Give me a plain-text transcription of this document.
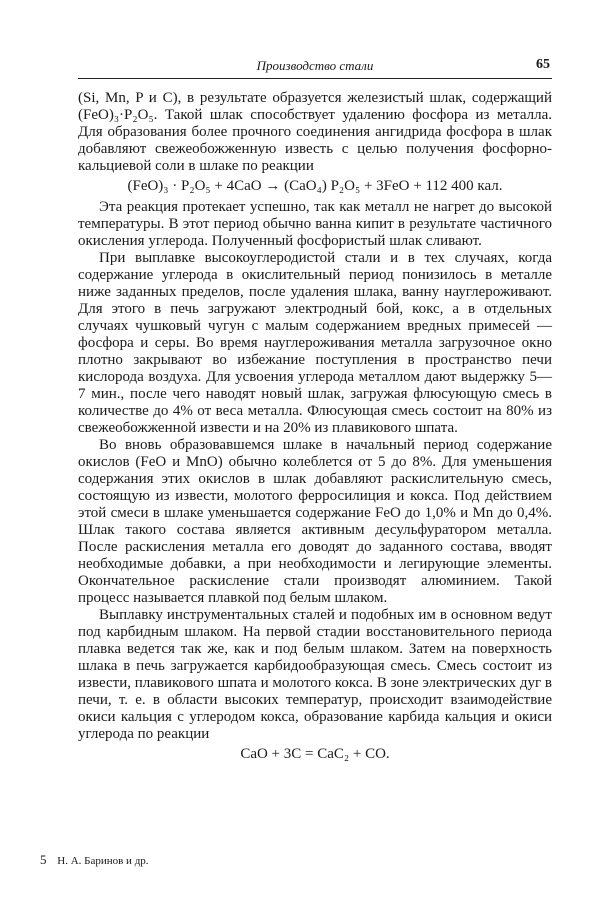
Производство стали	65

(Si, Mn, P и C), в результате образуется железистый шлак, содержащий (FeO)₃·P₂O₅. Такой шлак способствует удалению фосфора из металла. Для образования более прочного соединения ангидрида фосфора в шлак добавляют свежеобожженную известь с целью получения фосфорно-кальциевой соли в шлаке по реакции

(FeO)₃ · P₂O₅ + 4CaO → (CaO₄) P₂O₅ + 3FeO + 112 400 кал.

Эта реакция протекает успешно, так как металл не нагрет до высокой температуры. В этот период обычно ванна кипит в результате частичного окисления углерода. Полученный фосфористый шлак сливают.

При выплавке высокоуглеродистой стали и в тех случаях, когда содержание углерода в окислительный период понизилось в металле ниже заданных пределов, после удаления шлака, ванну науглероживают. Для этого в печь загружают электродный бой, кокс, а в отдельных случаях чушковый чугун с малым содержанием вредных примесей — фосфора и серы. Во время науглероживания металла загрузочное окно плотно закрывают во избежание поступления в пространство печи кислорода воздуха. Для усвоения углерода металлом дают выдержку 5—7 мин., после чего наводят новый шлак, загружая флюсующую смесь в количестве до 4% от веса металла. Флюсующая смесь состоит на 80% из свежеобожженной извести и на 20% из плавикового шпата.

Во вновь образовавшемся шлаке в начальный период содержание окислов (FeO и MnO) обычно колеблется от 5 до 8%. Для уменьшения содержания этих окислов в шлак добавляют раскислительную смесь, состоящую из извести, молотого ферросилиция и кокса. Под действием этой смеси в шлаке уменьшается содержание FeO до 1,0% и Mn до 0,4%. Шлак такого состава является активным десульфуратором металла. После раскисления металла его доводят до заданного состава, вводят необходимые добавки, а при необходимости и легирующие элементы. Окончательное раскисление стали производят алюминием. Такой процесс называется плавкой под белым шлаком.

Выплавку инструментальных сталей и подобных им в основном ведут под карбидным шлаком. На первой стадии восстановительного периода плавка ведется так же, как и под белым шлаком. Затем на поверхность шлака в печь загружается карбидообразующая смесь. Смесь состоит из извести, плавикового шпата и молотого кокса. В зоне электрических дуг в печи, т. е. в области высоких температур, происходит взаимодействие окиси кальция с углеродом кокса, образование карбида кальция и окиси углерода по реакции

CaO + 3C = CaC₂ + CO.
5 Н. А. Баринов и др.
